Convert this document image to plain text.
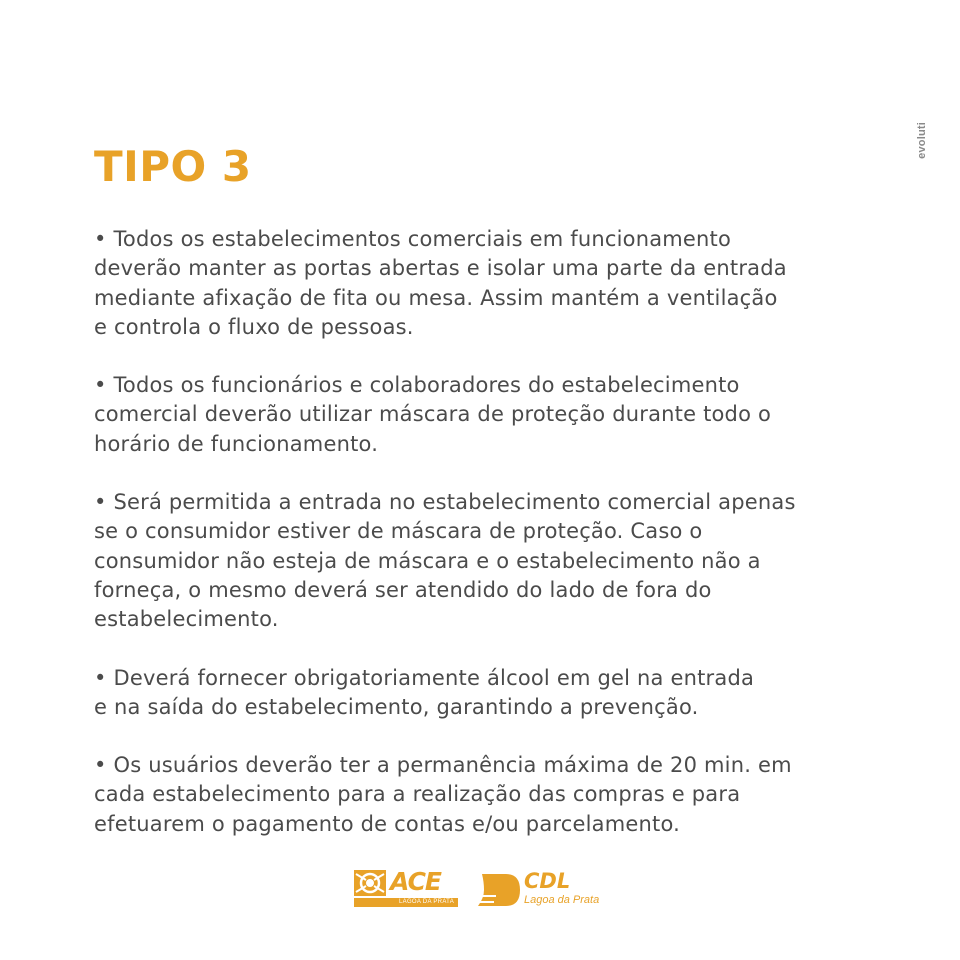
evoluti
TIPO 3

• Todos os estabelecimentos comerciais em funcionamento
deverão manter as portas abertas e isolar uma parte da entrada
mediante afixação de fita ou mesa. Assim mantém a ventilação
e controla o fluxo de pessoas.

• Todos os funcionários e colaboradores do estabelecimento
comercial deverão utilizar máscara de proteção durante todo o
horário de funcionamento.

• Será permitida a entrada no estabelecimento comercial apenas
se o consumidor estiver de máscara de proteção. Caso o
consumidor não esteja de máscara e o estabelecimento não a
forneça, o mesmo deverá ser atendido do lado de fora do
estabelecimento.

• Deverá fornecer obrigatoriamente álcool em gel na entrada
e na saída do estabelecimento, garantindo a prevenção.

• Os usuários deverão ter a permanência máxima de 20 min. em
cada estabelecimento para a realização das compras e para
efetuarem o pagamento de contas e/ou parcelamento.

ACE
LAGOA DA PRATA
CDL
Lagoa da Prata
